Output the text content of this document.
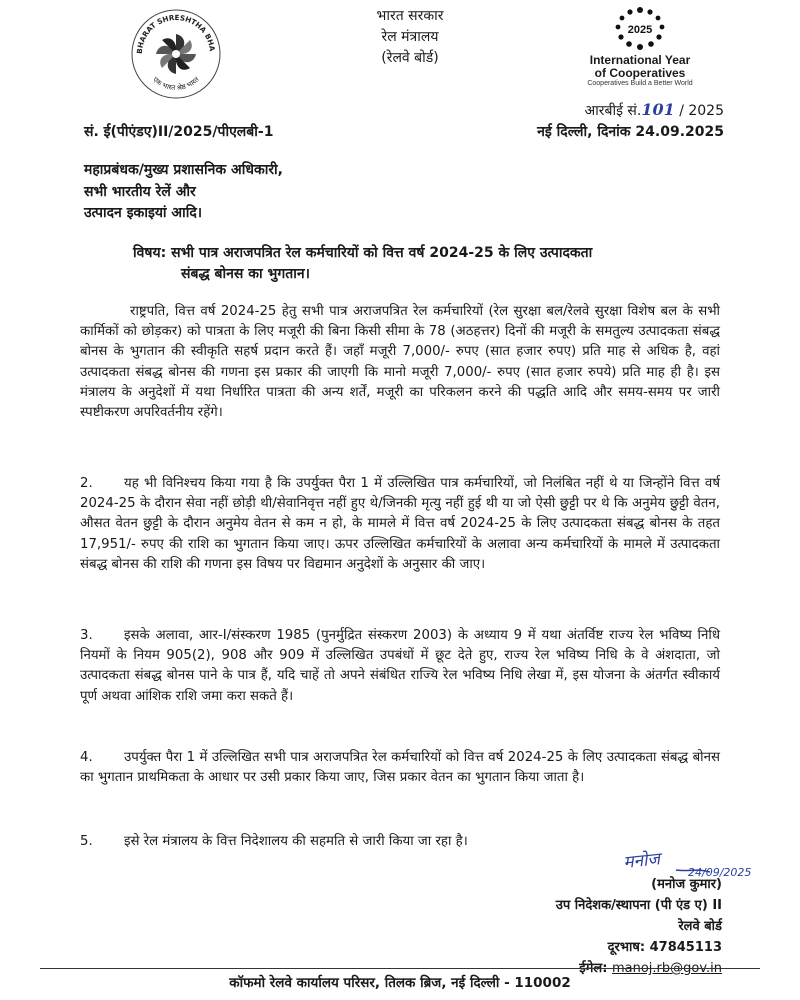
BHARAT SHRESHTHA BHA
एक भारत श्रेष्ठ भारत
भारत सरकार
रेल मंत्रालय
(रेलवे बोर्ड)
2025
International Year
of Cooperatives
Cooperatives Build a Better World
आरबीई सं.101 / 2025
सं. ई(पीएंडए)II/2025/पीएलबी-1	नई दिल्ली, दिनांक 24.09.2025
महाप्रबंधक/मुख्य प्रशासनिक अधिकारी,
सभी भारतीय रेलें और
उत्पादन इकाइयां आदि।
विषय: सभी पात्र अराजपत्रित रेल कर्मचारियों को वित्त वर्ष 2024-25 के लिए उत्पादकता
संबद्ध बोनस का भुगतान।
राष्ट्रपति, वित्त वर्ष 2024-25 हेतु सभी पात्र अराजपत्रित रेल कर्मचारियों (रेल सुरक्षा बल/रेलवे सुरक्षा विशेष बल के सभी कार्मिकों को छोड़कर) को पात्रता के लिए मजूरी की बिना किसी सीमा के 78 (अठहत्तर) दिनों की मजूरी के समतुल्य उत्पादकता संबद्ध बोनस के भुगतान की स्वीकृति सहर्ष प्रदान करते हैं। जहाँ मजूरी 7,000/- रुपए (सात हजार रुपए) प्रति माह से अधिक है, वहां उत्पादकता संबद्ध बोनस की गणना इस प्रकार की जाएगी कि मानो मजूरी 7,000/- रुपए (सात हजार रुपये) प्रति माह ही है। इस मंत्रालय के अनुदेशों में यथा निर्धारित पात्रता की अन्य शर्तें, मजूरी का परिकलन करने की पद्धति आदि और समय-समय पर जारी स्पष्टीकरण अपरिवर्तनीय रहेंगे।
2. यह भी विनिश्चय किया गया है कि उपर्युक्त पैरा 1 में उल्लिखित पात्र कर्मचारियों, जो निलंबित नहीं थे या जिन्होंने वित्त वर्ष 2024-25 के दौरान सेवा नहीं छोड़ी थी/सेवानिवृत्त नहीं हुए थे/जिनकी मृत्यु नहीं हुई थी या जो ऐसी छुट्टी पर थे कि अनुमेय छुट्टी वेतन, औसत वेतन छुट्टी के दौरान अनुमेय वेतन से कम न हो, के मामले में वित्त वर्ष 2024-25 के लिए उत्पादकता संबद्ध बोनस के तहत 17,951/- रुपए की राशि का भुगतान किया जाए। ऊपर उल्लिखित कर्मचारियों के अलावा अन्य कर्मचारियों के मामले में उत्पादकता संबद्ध बोनस की राशि की गणना इस विषय पर विद्यमान अनुदेशों के अनुसार की जाए।
3. इसके अलावा, आर-I/संस्करण 1985 (पुनर्मुद्रित संस्करण 2003) के अध्याय 9 में यथा अंतर्विष्ट राज्य रेल भविष्य निधि नियमों के नियम 905(2), 908 और 909 में उल्लिखित उपबंधों में छूट देते हुए, राज्य रेल भविष्य निधि के वे अंशदाता, जो उत्पादकता संबद्ध बोनस पाने के पात्र हैं, यदि चाहें तो अपने संबंधित राज्यि रेल भविष्य निधि लेखा में, इस योजना के अंतर्गत स्वीकार्य पूर्ण अथवा आंशिक राशि जमा करा सकते हैं।
4. उपर्युक्त पैरा 1 में उल्लिखित सभी पात्र अराजपत्रित रेल कर्मचारियों को वित्त वर्ष 2024-25 के लिए उत्पादकता संबद्ध बोनस का भुगतान प्राथमिकता के आधार पर उसी प्रकार किया जाए, जिस प्रकार वेतन का भुगतान किया जाता है।
5. इसे रेल मंत्रालय के वित्त निदेशालय की सहमति से जारी किया जा रहा है।
मनोज	24/09/2025
(मनोज कुमार)
उप निदेशक/स्थापना (पी एंड ए) II
रेलवे बोर्ड
दूरभाष: 47845113
ईमेल: manoj.rb@gov.in
कॉफमो रेलवे कार्यालय परिसर, तिलक ब्रिज, नई दिल्ली - 110002
